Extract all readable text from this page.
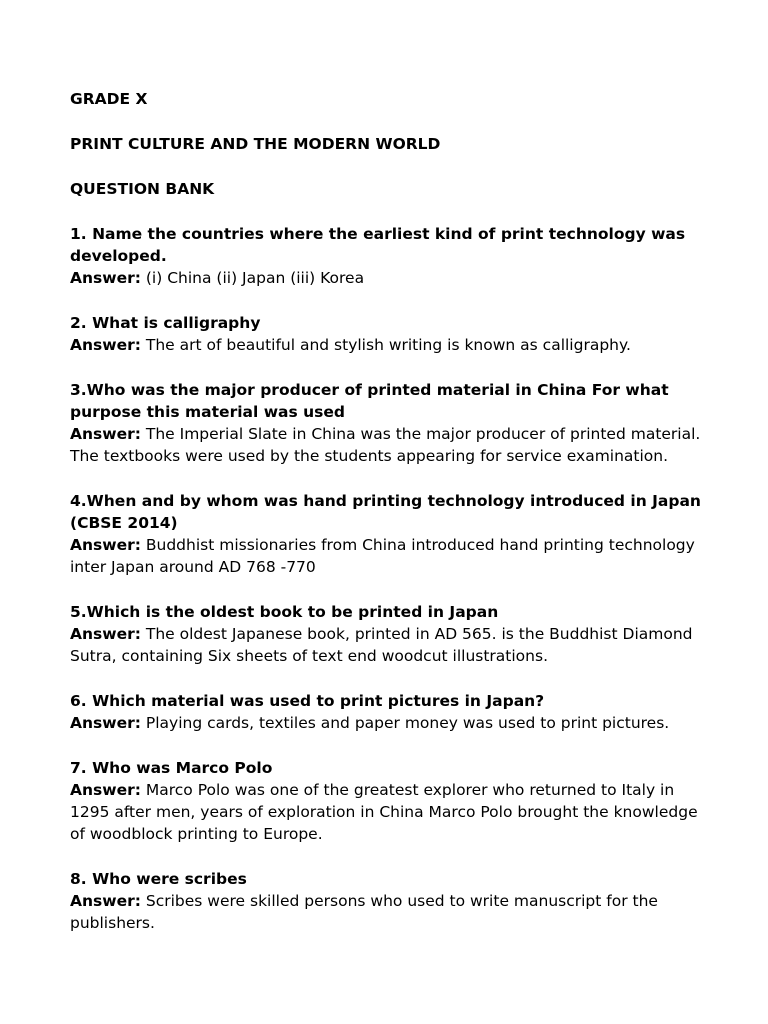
GRADE X
PRINT CULTURE AND THE MODERN WORLD
QUESTION BANK

1. Name the countries where the earliest kind of print technology was developed.

Answer: (i) China (ii) Japan (iii) Korea

2. What is calligraphy

Answer: The art of beautiful and stylish writing is known as calligraphy.

3.Who was the major producer of printed material in China For what purpose this material was used

Answer: The Imperial Slate in China was the major producer of printed material. The textbooks were used by the students appearing for service examination.

4.When and by whom was hand printing technology introduced in Japan (CBSE 2014)

Answer: Buddhist missionaries from China introduced hand printing technology inter Japan around AD 768 -770

5.Which is the oldest book to be printed in Japan

Answer: The oldest Japanese book, printed in AD 565. is the Buddhist Diamond Sutra, containing Six sheets of text end woodcut illustrations.

6. Which material was used to print pictures in Japan?

Answer: Playing cards, textiles and paper money was used to print pictures.

7. Who was Marco Polo

Answer: Marco Polo was one of the greatest explorer who returned to Italy in 1295 after men, years of exploration in China Marco Polo brought the knowledge of woodblock printing to Europe.

8. Who were scribes

Answer: Scribes were skilled persons who used to write manuscript for the publishers.
